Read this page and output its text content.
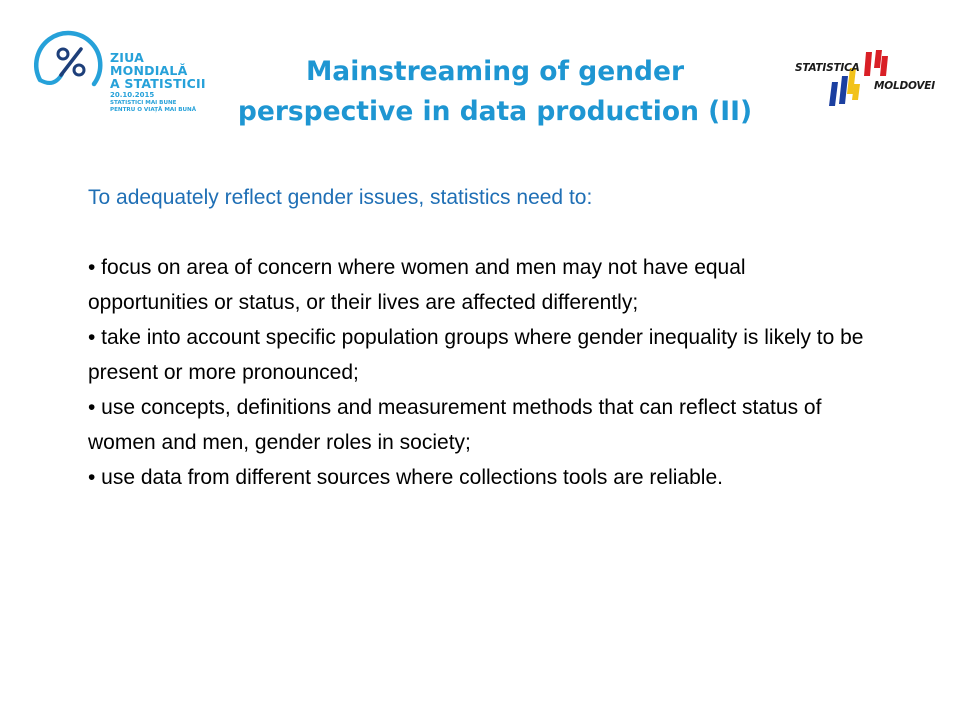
ZIUA
MONDIALĂ
A STATISTICII
20.10.2015
STATISTICI MAI BUNE
PENTRU O VIAȚĂ MAI BUNĂ
Mainstreaming of gender
perspective in data production (II)
STATISTICA
MOLDOVEI

To adequately reflect gender issues, statistics need to:

• focus on area of concern where women and men may not have equal opportunities or status, or their lives are affected differently;

• take into account specific population groups where gender inequality is likely to be present or more pronounced;

• use concepts, definitions and measurement methods that can reflect status of women and men, gender roles in society;

• use data from different sources where collections tools are reliable.
